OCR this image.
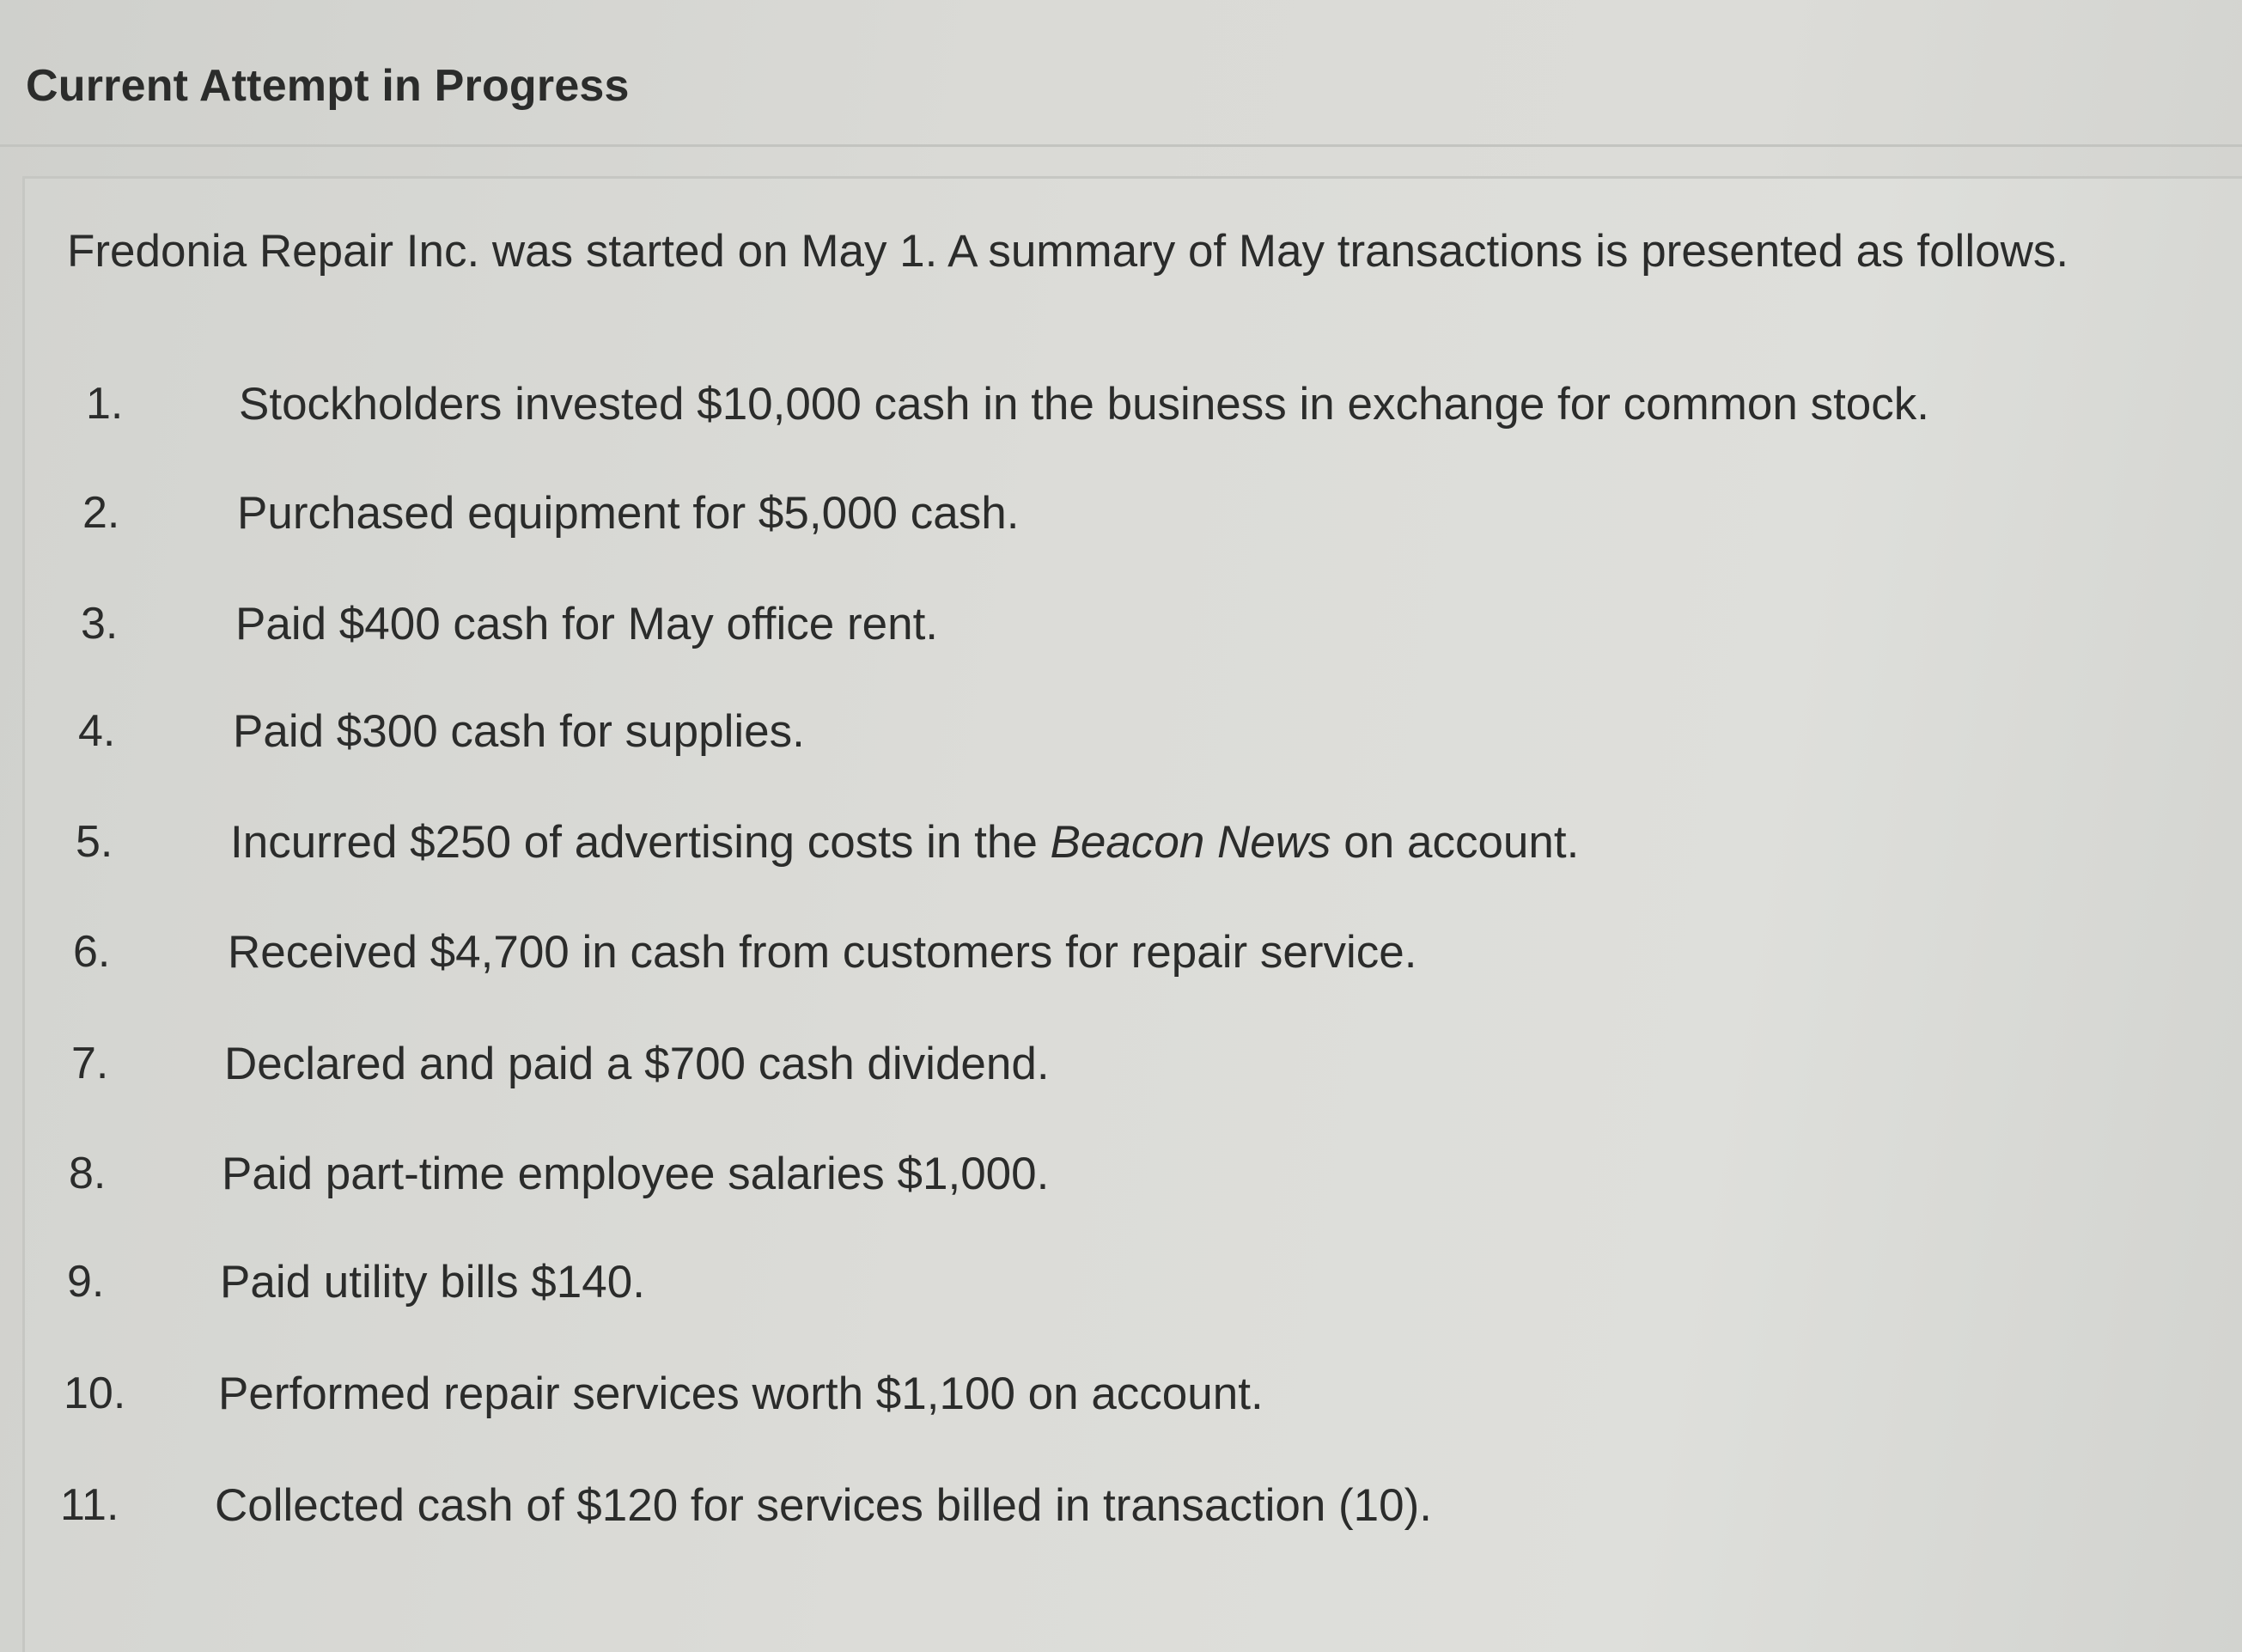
Current Attempt in Progress
Fredonia Repair Inc. was started on May 1. A summary of May transactions is presented as follows.
1.	Stockholders invested $10,000 cash in the business in exchange for common stock.
2.	Purchased equipment for $5,000 cash.
3.	Paid $400 cash for May office rent.
4.	Paid $300 cash for supplies.
5.	Incurred $250 of advertising costs in the Beacon News on account.
6.	Received $4,700 in cash from customers for repair service.
7.	Declared and paid a $700 cash dividend.
8.	Paid part-time employee salaries $1,000.
9.	Paid utility bills $140.
10. Performed repair services worth $1,100 on account.
11. Collected cash of $120 for services billed in transaction (10).
